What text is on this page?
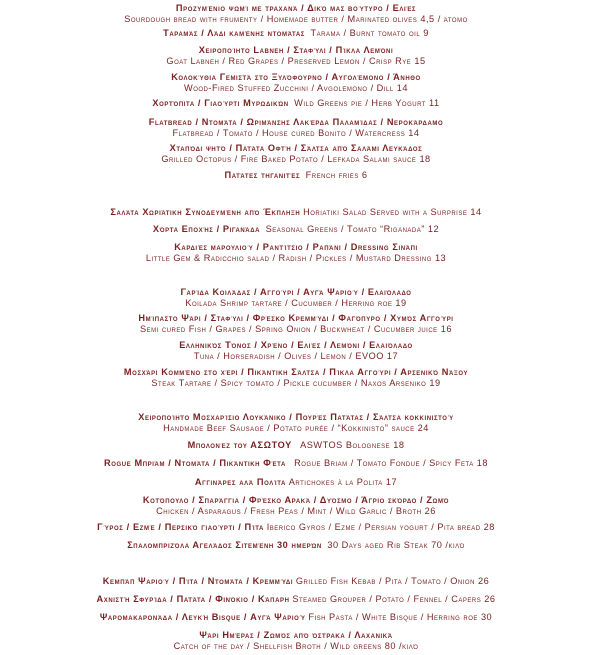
Προζυμένιο ψωμί με τραχανά / Δικό μας βούτυρο / Ελιές
Sourdough bread with frumenty / Homemade butter / Marinated olives 4,5 / άτομο
Ταραμάς / Λάδι καμένης ντομάτας Tarama / Burnt tomato oil 9
Χειροποίητο Labneh / Σταφύλι / Πίκλα Λεμόνι
Goat Labneh / Red Grapes / Preserved Lemon / Crisp Rye 15
Κολοκύθια Γεμιστά στο Ξυλόφουρνο / Αυγολέμονο / Άνηθο
Wood-Fired Stuffed Zucchini / Avgolemono / Dill 14
Χορτόπιτα / Γιαούρτι Μυρωδικών Wild Greens pie / Herb Yogurt 11
Flatbread / Ντομάτα / Ωριμάνσης Λακέρδα Παλαμίδας / Νεροκάρδαμο
Flatbread / Tomato / House cured Bonito / Watercress 14
Χταπόδι ψητό / Πατάτα Οφτή / Σάλτσα από Σαλάμι Λευκάδος
Grilled Octopus / Fire Baked Potato / Lefkada Salami sauce 18
Πατάτες τηγανιτές French fries 6
Σαλάτα Χωριάτικη Συνοδευμένη από Έκπληξη Horiatiki Salad Served with a Surprise 14
Χόρτα Εποχής / Ριγανάδα Seasonal Greens / Tomato “Riganada” 12
Καρδιές μαρουλιού / Ραντίτσιο / Ραπάνι / Dressing Σινάπι
Little Gem & Radicchio salad / Radish / Pickles / Mustard Dressing 13
Γαρίδα Κοιλάδας / Αγγούρι / Αυγά Ψαριού / Ελαιόλαδο
Koilada Shrimp tartare / Cucumber / Herring roe 19
Ημίπαστο Ψάρι / Σταφύλι / Φρέσκο Κρεμμύδι / Φαγόπυρο / Χυμός Αγγούρι
Semi cured Fish / Grapes / Spring Onion / Buckwheat / Cucumber juice 16
Ελληνικός Τόνος / Χρένο / Ελιές / Λεμόνι / Ελαιόλαδο
Tuna / Horseradish / Olives / Lemon / EVOO 17
Μοσχάρι Κομμένο στο χέρι / Πικάντικη Σάλτσα / Πίκλα Αγγούρι / Αρσενικό Νάξου
Steak Tartare / Spicy tomato / Pickle cucumber / Naxos Arseniko 19
Χειροποίητο Μοσχαρίσιο Λουκάνικο / Πουρές Πατάτας / Σάλτσα κοκκινιστού
Handmade Beef Sausage / Potato purée / “Kokkinisto” sauce 24
Μπολονέζ του ΑΣΩΤΟΥ ASWTOS Bolognese 18
Rogue Μπριάμ / Ντομάτα / Πικάντικη Φέτα Rogue Briam / Tomato Fondue / Spicy Feta 18
Αγγινάρες αλά Πολίτα Artichokes à la Polita 17
Κοτόπουλο / Σπαράγγια / Φρέσκο Αρακά / Δυόσμο / Άγριο σκόρδο / Ζωμό
Chicken / Asparagus / Fresh Peas / Mint / Wild Garlic / Broth 26
Γύρος / Εζμέ / Περσικό γιαούρτι / Πίτα Iberico Gyros / Ezme / Persian yogurt / Pita bread 28
Σπαλομπριζόλα Αγελάδος Σιτεμένη 30 ημερών 30 Days aged Rib Steak 70 /κιλό
Κεμπάπ Ψαριού / Πίτα / Ντομάτα / Κρεμμύδι Grilled Fish Kebab / Pita / Tomato / Onion 26
Αχνιστή Σφυρίδα / Πατάτα / Φινόκιο / Κάπαρη Steamed Grouper / Potato / Fennel / Capers 26
Ψαρομακαρονάδα / Λευκή Bisque / Αυγά Ψαριού Fish Pasta / White Bisque / Herring roe 30
Ψάρι Ημέρας / Ζωμός από όστρακα / Λαχανικά
Catch of the day / Shellfish Broth / Wild greens 80 /κιλό
